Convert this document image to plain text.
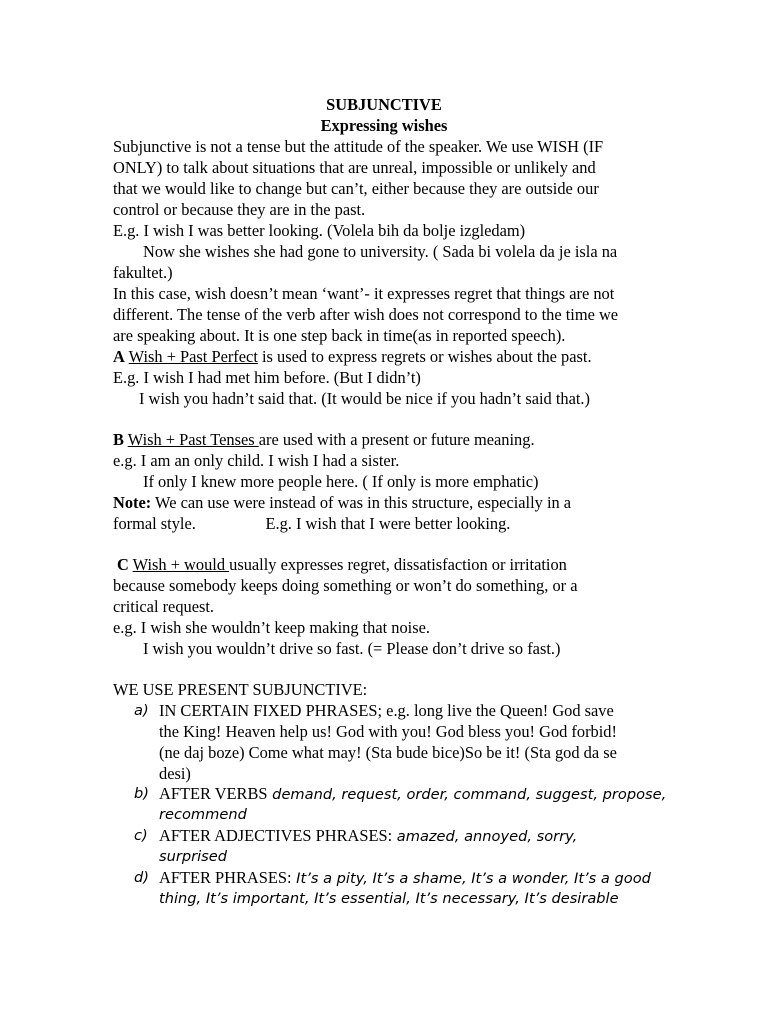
SUBJUNCTIVE
Expressing wishes
Subjunctive is not a tense but the attitude of the speaker. We use WISH (IF
ONLY) to talk about situations that are unreal, impossible or unlikely and
that we would like to change but can’t, either because they are outside our
control or because they are in the past.
E.g. I wish I was better looking. (Volela bih da bolje izgledam)
Now she wishes she had gone to university. ( Sada bi volela da je isla na
fakultet.)
In this case, wish doesn’t mean ‘want’- it expresses regret that things are not
different. The tense of the verb after wish does not correspond to the time we
are speaking about. It is one step back in time(as in reported speech).
A Wish + Past Perfect is used to express regrets or wishes about the past.
E.g. I wish I had met him before. (But I didn’t)
I wish you hadn’t said that. (It would be nice if you hadn’t said that.)
B Wish + Past Tenses are used with a present or future meaning.
e.g. I am an only child. I wish I had a sister.
If only I knew more people here. ( If only is more emphatic)
Note: We can use were instead of was in this structure, especially in a
formal style.                 E.g. I wish that I were better looking.
C Wish + would usually expresses regret, dissatisfaction or irritation
because somebody keeps doing something or won’t do something, or a
critical request.
e.g. I wish she wouldn’t keep making that noise.
I wish you wouldn’t drive so fast. (= Please don’t drive so fast.)
WE USE PRESENT SUBJUNCTIVE:
a) IN CERTAIN FIXED PHRASES; e.g. long live the Queen! God save
the King! Heaven help us! God with you! God bless you! God forbid!
(ne daj boze) Come what may! (Sta bude bice)So be it! (Sta god da se
desi)
b) AFTER VERBS demand, request, order, command, suggest, propose,
recommend
c) AFTER ADJECTIVES PHRASES: amazed, annoyed, sorry,
surprised
d) AFTER PHRASES: It’s a pity, It’s a shame, It’s a wonder, It’s a good
thing, It’s important, It’s essential, It’s necessary, It’s desirable
